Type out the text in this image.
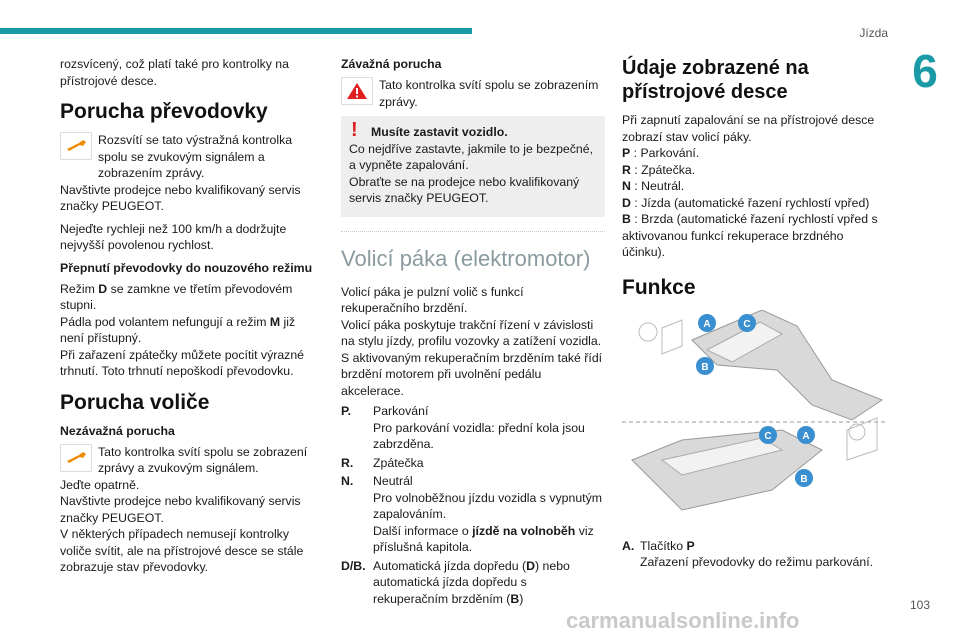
Jízda
6
103
carmanualsonline.info

rozsvícený, což platí také pro kontrolky na přístrojové desce.

Porucha převodovky
Rozsvítí se tato výstražná kontrolka spolu se zvukovým signálem a zobrazením zprávy.

Navštivte prodejce nebo kvalifikovaný servis značky PEUGEOT.

Nejeďte rychleji než 100 km/h a dodržujte nejvyšší povolenou rychlost.

Přepnutí převodovky do nouzového režimu

Režim D se zamkne ve třetím převodovém stupni.

Pádla pod volantem nefungují a režim M již není přístupný.

Při zařazení zpátečky můžete pocítit výrazné trhnutí. Toto trhnutí nepoškodí převodovku.

Porucha voliče
Nezávažná porucha
Tato kontrolka svítí spolu se zobrazení zprávy a zvukovým signálem.

Jeďte opatrně.

Navštivte prodejce nebo kvalifikovaný servis značky PEUGEOT.

V některých případech nemusejí kontrolky voliče svítit, ale na přístrojové desce se stále zobrazuje stav převodovky.

Závažná porucha
Tato kontrolka svítí spolu se zobrazením zprávy.
!	Musíte zastavit vozidlo.
Co nejdříve zastavte, jakmile to je bezpečné, a vypněte zapalování.
Obraťte se na prodejce nebo kvalifikovaný servis značky PEUGEOT.
Volicí páka (elektromotor)

Volicí páka je pulzní volič s funkcí rekuperačního brzdění.

Volicí páka poskytuje trakční řízení v závislosti na stylu jízdy, profilu vozovky a zatížení vozidla.

S aktivovaným rekuperačním brzděním také řídí brzdění motorem při uvolnění pedálu akcelerace.

P.	Parkování
Pro parkování vozidla: přední kola jsou zabrzděna.
R.	Zpátečka
N.	Neutrál
Pro volnoběžnou jízdu vozidla s vypnutým zapalováním.
Další informace o jízdě na volnoběh viz příslušná kapitola.
D/B. Automatická jízda dopředu (D) nebo automatická jízda dopředu s rekuperačním brzděním (B)
Údaje zobrazené na přístrojové desce

Při zapnutí zapalování se na přístrojové desce zobrazí stav volicí páky.

P : Parkování.
R : Zpátečka.
N : Neutrál.
D : Jízda (automatické řazení rychlostí vpřed)
B : Brzda (automatické řazení rychlostí vpřed s aktivovanou funkcí rekuperace brzdného účinku).
Funkce
A	C
B
C	A
B
A. Tlačítko P
Zařazení převodovky do režimu parkování.
